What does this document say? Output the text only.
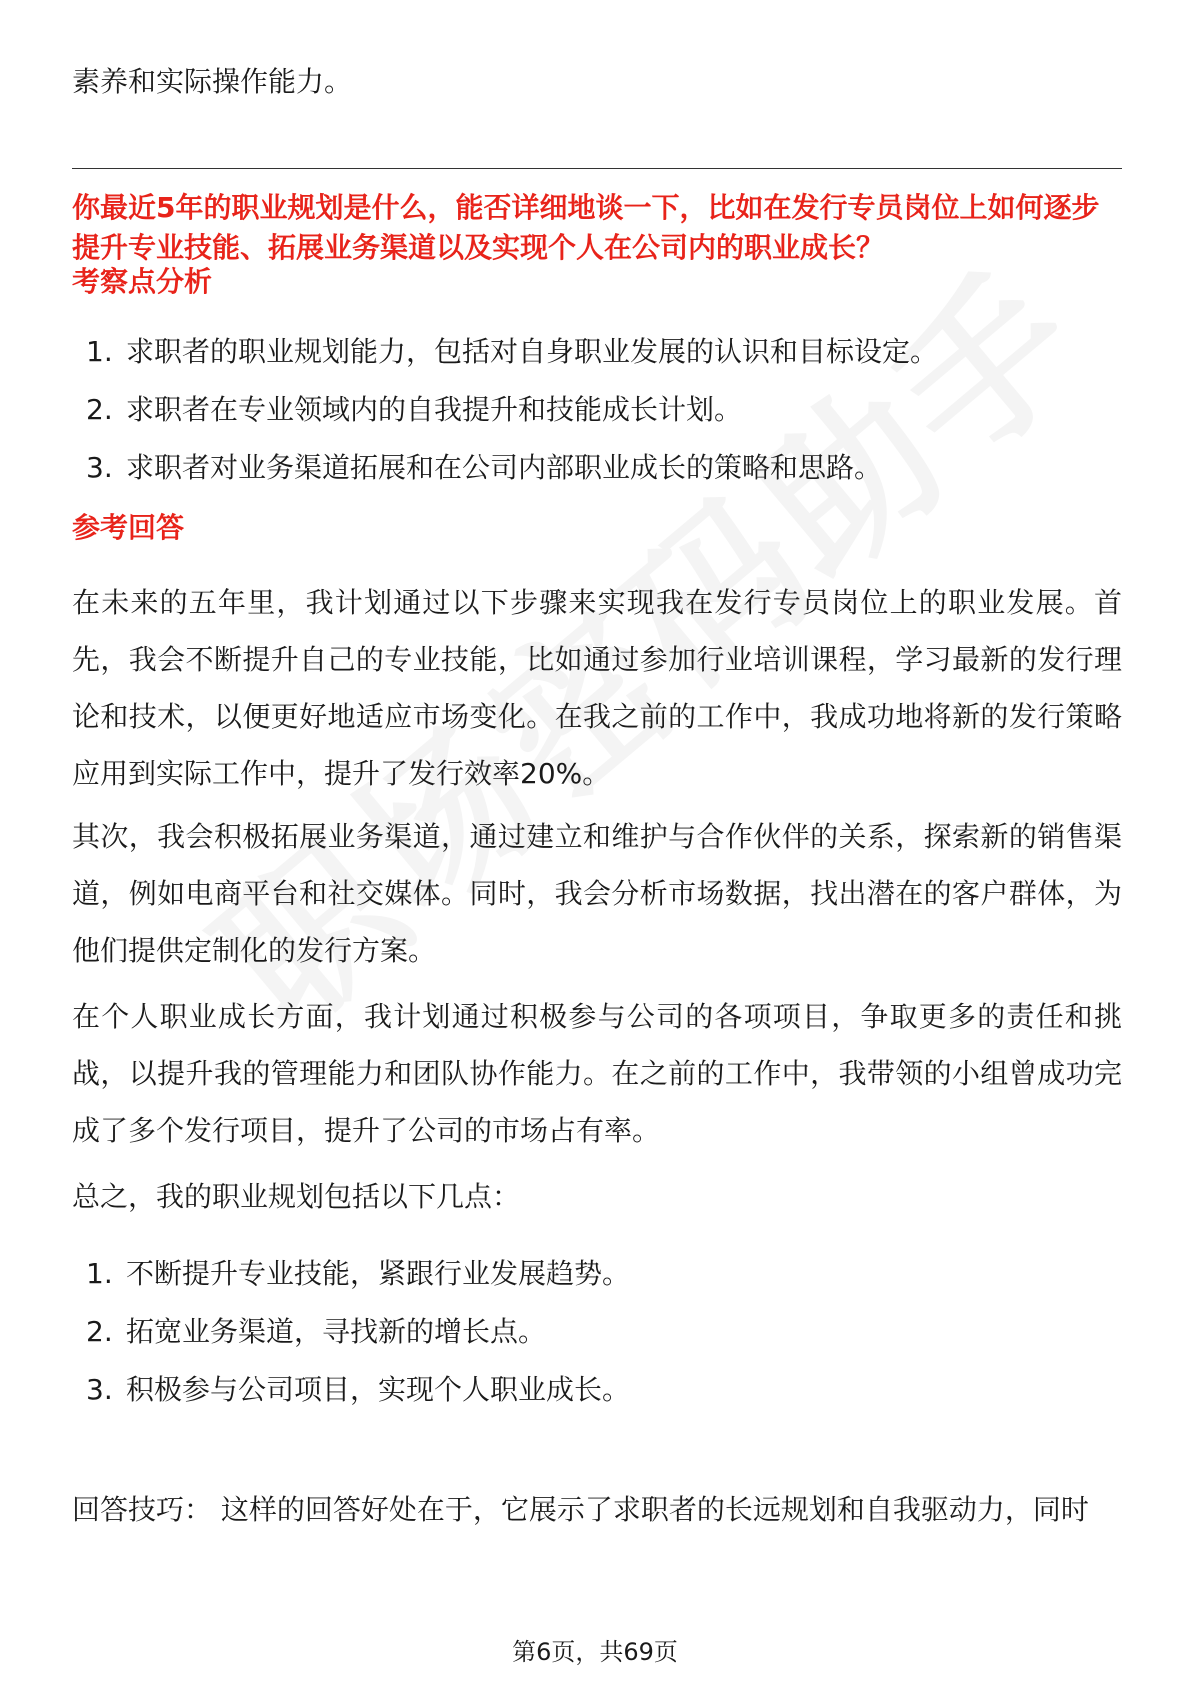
素养和实际操作能力。
你最近5年的职业规划是什么，能否详细地谈一下，比如在发行专员岗位上如何逐步提升专业技能、拓展业务渠道以及实现个人在公司内的职业成长？
考察点分析
1. 求职者的职业规划能力，包括对自身职业发展的认识和目标设定。
2. 求职者在专业领域内的自我提升和技能成长计划。
3. 求职者对业务渠道拓展和在公司内部职业成长的策略和思路。
参考回答

在未来的五年里，我计划通过以下步骤来实现我在发行专员岗位上的职业发展。首先，我会不断提升自己的专业技能，比如通过参加行业培训课程，学习最新的发行理论和技术，以便更好地适应市场变化。在我之前的工作中，我成功地将新的发行策略应用到实际工作中，提升了发行效率20%。

其次，我会积极拓展业务渠道，通过建立和维护与合作伙伴的关系，探索新的销售渠道，例如电商平台和社交媒体。同时，我会分析市场数据，找出潜在的客户群体，为他们提供定制化的发行方案。

在个人职业成长方面，我计划通过积极参与公司的各项项目，争取更多的责任和挑战，以提升我的管理能力和团队协作能力。在之前的工作中，我带领的小组曾成功完成了多个发行项目，提升了公司的市场占有率。

总之，我的职业规划包括以下几点：

1. 不断提升专业技能，紧跟行业发展趋势。
2. 拓宽业务渠道，寻找新的增长点。
3. 积极参与公司项目，实现个人职业成长。

回答技巧： 这样的回答好处在于，它展示了求职者的长远规划和自我驱动力，同时

第6页，共69页
